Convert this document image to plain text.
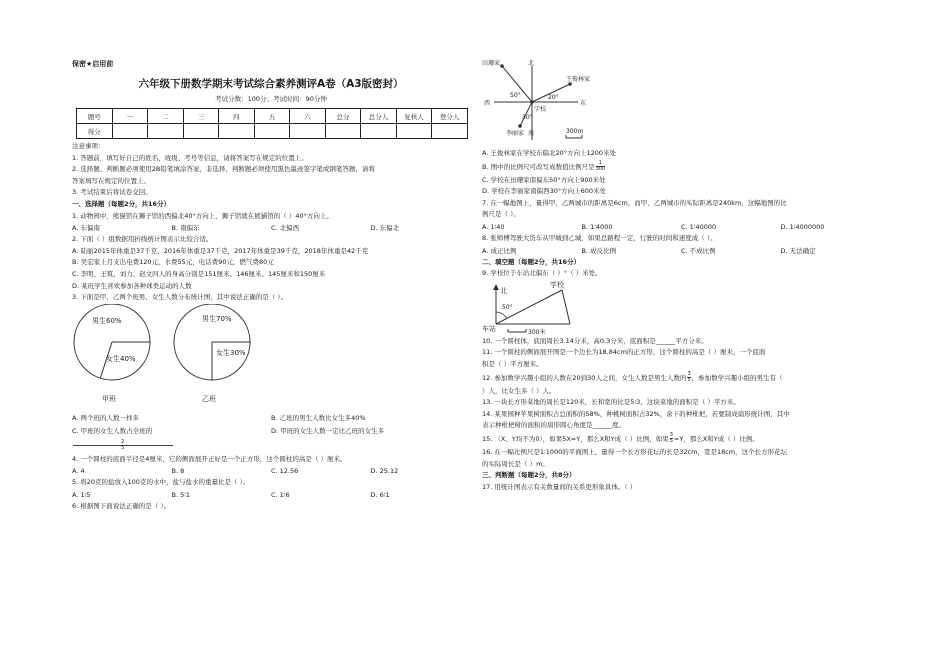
保密★启用前
六年级下册数学期末考试综合素养测评A卷（A3版密封）
考试分数：100分；考试时间：90分钟
题号	一	二	三	四	五	六	总分	总分人	复核人	登分人
得分										
注意事项：
1. 答题前，填写好自己的姓名、班级、考号等信息，请将答案写在规定的位置上。
2. 选择题、判断题必须使用2B铅笔填涂答案，非选择、判断题必须使用黑色墨迹签字笔或钢笔答题，请将
答案填写在规定的位置上。
3. 考试结束后将试卷交回。
一、选择题（每题2分，共16分）
1. 动物园中，熊猫馆在狮子馆的西偏北40°方向上，狮子馆就在熊猫馆的（ ）40°方向上。
A. 东偏南	B. 南偏东	C. 北偏西	D. 东偏北
2. 下面（ ）组数据用折线统计图表示比较合适。
A. 陆丽2015年体重是37千克，2016年体重是37千克，2017年体重是39千克，2018年体重是42千克
B. 吴宏家上月支出电费120元，水费55元，电话费90元，燃气费80元
C. 李明、王筑、刘力、赵文四人的身高分别是151厘米、146厘米、145厘米和150厘米
D. 某班学生喜欢参加各种球类运动的人数
3. 下面是甲、乙两个班男、女生人数分布统计图，其中说法正确的是（ ）。
男生60%
女生40%
男生70%
女生30%
甲班	乙班
A. 两个班的人数一样多	B. 乙班的男生人数比女生多40%
C. 甲班的女生人数占全班的
$\frac{2}{5}$
D. 甲班的女生人数一定比乙班的女生多
4. 一个圆柱的底面半径是4厘米，它的侧面展开正好是一个正方形，这个圆柱的高是（ ）厘米。
A. 4	B. 8	C. 12.56	D. 25.12
5. 将20克的盐放入100克的水中，盐与盐水的重量比是（ ）。
A. 1∶5	B. 5∶1	C. 1∶6	D. 6∶1
6. 根据图下面说法正确的是（ ）。
田珊家	北
王俊林家
西	东
学校
50°	20°
30°
李丽家 南	300m
A. 王俊林家在学校东偏北20°方向上1200米处
B. 图中的比例尺可改写成数值比例尺是 $\frac{1}{300}$
C. 学校在田珊家南偏东50°方向上900米处
D. 学校在李丽家南偏西30°方向上600米处
7. 在一幅地图上，量得甲、乙两城市的距离是6cm，而甲、乙两城市的实际距离是240km，这幅地图的比
例尺是（ ）。
A. 1∶40	B. 1∶4000	C. 1∶40000	D. 1∶4000000
8. 张师傅驾驶大货车从甲城到乙城，如果总路程一定，行驶的时间和速度成（ ）。
A. 成正比例	B. 成反比例	C. 不成比例	D. 无法确定
二、填空题（每题2分，共16分）
9. 学校位于车站北偏东（ ）°（ ）米处。
北
50°
学校
车站	300米
10. 一个圆柱体，底面周长3.14分米，高0.3分米，底面积是______平方分米。
11. 一个圆柱的侧面展开图是一个边长为18.84cm的正方形，这个圆柱的高是（ ）厘米，一个底面
积是（ ）平方厘米。
12. 参加数学兴趣小组的人数在20到30人之间，女生人数是男生人数的 $\frac{3}{5}$ ，参加数学兴趣小组的男生有（
）人，比女生多（ ）人。
13. 一块长方形菜地的周长是120米，长和宽的比是5∶3，这块菜地的面积是（ ）平方米。
14. 某果园种苹果树面积占总面积的58%，种桃树面积占32%，余下的种枇杷，若要制成扇形统计图，其中
表示种枇杷树的面积的扇形圆心角度是______度。
15. （X、Y均不为0），如果5X=Y，那么X和Y成（ ）比例，如果 $\frac{3}{5} =Y$，那么X和Y成（ ）比例。
16. 在一幅比例尺是1∶1000的平面图上，量得一个长方形花坛的长是32cm，宽是18cm，这个长方形花坛
的实际周长是（ ）m。
三、判断题（每题2分，共8分）
17. 用统计图表示有关数量间的关系更形象具体。（ ）
